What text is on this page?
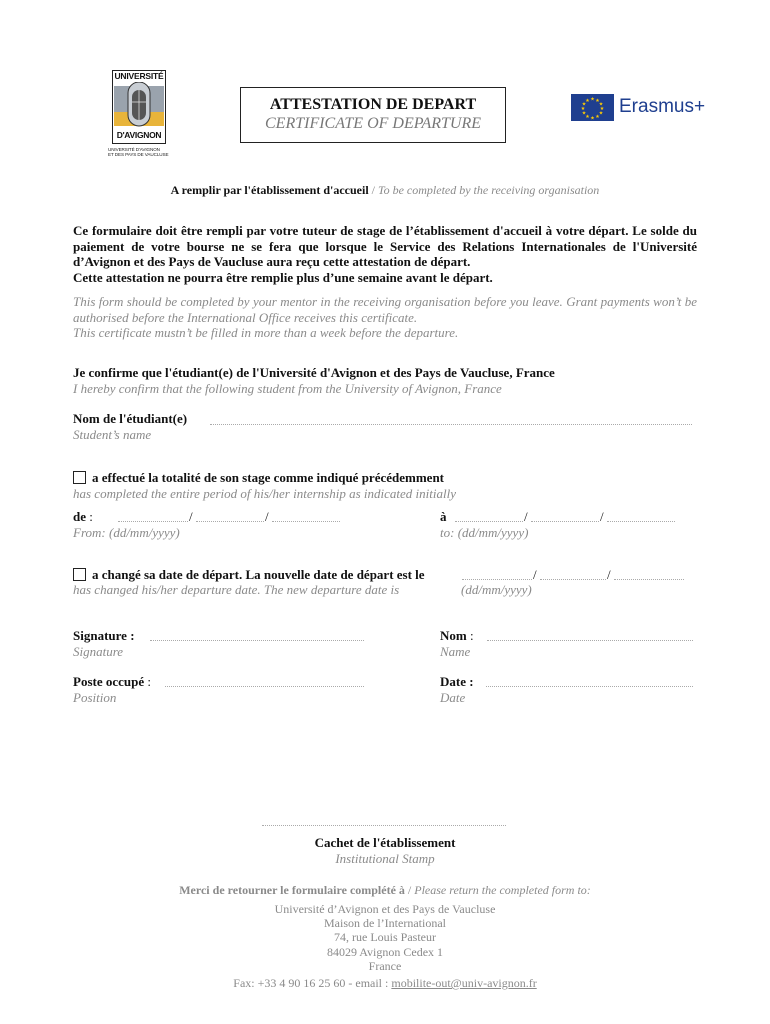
UNIVERSITÉ
D'AVIGNON
UNIVERSITÉ D'AVIGNON
ET DES PAYS DE VAUCLUSE
ATTESTATION DE DEPART
CERTIFICATE OF DEPARTURE
★ ★
★
★
★
★
★
★
★
★
★
★ Erasmus+
A remplir par l'établissement d'accueil / To be completed by the receiving organisation
Ce formulaire doit être rempli par votre tuteur de stage de l’établissement d'accueil à votre départ. Le solde du paiement de votre bourse ne se fera que lorsque le Service des Relations Internationales de l'Université d’Avignon et des Pays de Vaucluse aura reçu cette attestation de départ.
Cette attestation ne pourra être remplie plus d’une semaine avant le départ.
This form should be completed by your mentor in the receiving organisation before you leave. Grant payments won’t be authorised before the International Office receives this certificate.
This certificate mustn’t be filled in more than a week before the departure.
Je confirme que l'étudiant(e) de l'Université d'Avignon et des Pays de Vaucluse, France
I hereby confirm that the following student from the University of Avignon, France
Nom de l'étudiant(e)
Student’s name
a effectué la totalité de son stage comme indiqué précédemment
has completed the entire period of his/her internship as indicated initially
de :	/	/
From: (dd/mm/yyyy)
à	/	/
to: (dd/mm/yyyy)
a changé sa date de départ. La nouvelle date de départ est le	/	/
has changed his/her departure date. The new departure date is	(dd/mm/yyyy)
Signature :
Signature
Nom :
Name
Poste occupé :
Position
Date :
Date
Cachet de l'établissement
Institutional Stamp
Merci de retourner le formulaire complété à / Please return the completed form to:
Université d’Avignon et des Pays de Vaucluse
Maison de l’International
74, rue Louis Pasteur
84029 Avignon Cedex 1
France
Fax: +33 4 90 16 25 60 - email : mobilite-out@univ-avignon.fr
